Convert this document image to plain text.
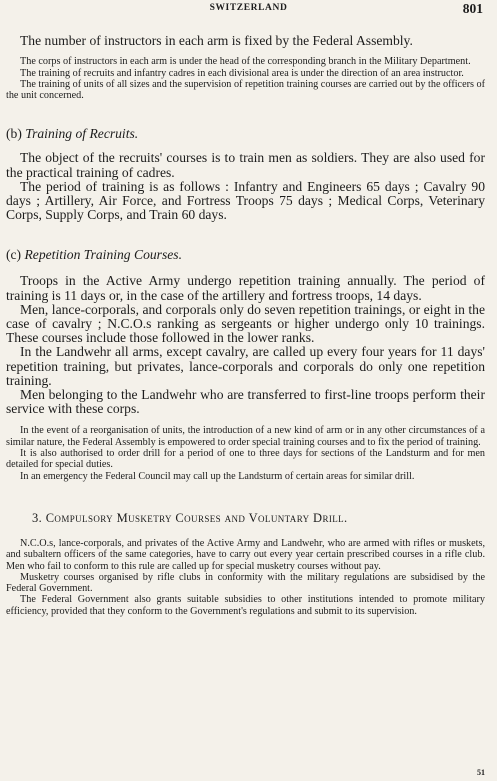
SWITZERLAND	801

The number of instructors in each arm is fixed by the Federal Assembly.

The corps of instructors in each arm is under the head of the corresponding branch in the Military Department.

The training of recruits and infantry cadres in each divisional area is under the direction of an area instructor.

The training of units of all sizes and the supervision of repetition training courses are carried out by the officers of the unit concerned.

(b) Training of Recruits.

The object of the recruits' courses is to train men as soldiers. They are also used for the practical training of cadres.

The period of training is as follows : Infantry and Engineers 65 days ; Cavalry 90 days ; Artillery, Air Force, and Fortress Troops 75 days ; Medical Corps, Veterinary Corps, Supply Corps, and Train 60 days.

(c) Repetition Training Courses.

Troops in the Active Army undergo repetition training annually. The period of training is 11 days or, in the case of the artillery and fortress troops, 14 days.

Men, lance-corporals, and corporals only do seven repetition trainings, or eight in the case of cavalry ; N.C.O.s ranking as sergeants or higher undergo only 10 trainings. These courses include those followed in the lower ranks.

In the Landwehr all arms, except cavalry, are called up every four years for 11 days' repetition training, but privates, lance-corporals and corporals do only one repetition training.

Men belonging to the Landwehr who are transferred to first-line troops perform their service with these corps.

In the event of a reorganisation of units, the introduction of a new kind of arm or in any other circumstances of a similar nature, the Federal Assembly is empowered to order special training courses and to fix the period of training.

It is also authorised to order drill for a period of one to three days for sections of the Landsturm and for men detailed for special duties.

In an emergency the Federal Council may call up the Landsturm of certain areas for similar drill.

3. Compulsory Musketry Courses and Voluntary Drill.

N.C.O.s, lance-corporals, and privates of the Active Army and Landwehr, who are armed with rifles or muskets, and subaltern officers of the same categories, have to carry out every year certain prescribed courses in a rifle club. Men who fail to conform to this rule are called up for special musketry courses without pay.

Musketry courses organised by rifle clubs in conformity with the military regulations are subsidised by the Federal Government.

The Federal Government also grants suitable subsidies to other institutions intended to promote military efficiency, provided that they conform to the Government's regulations and submit to its supervision.

51
